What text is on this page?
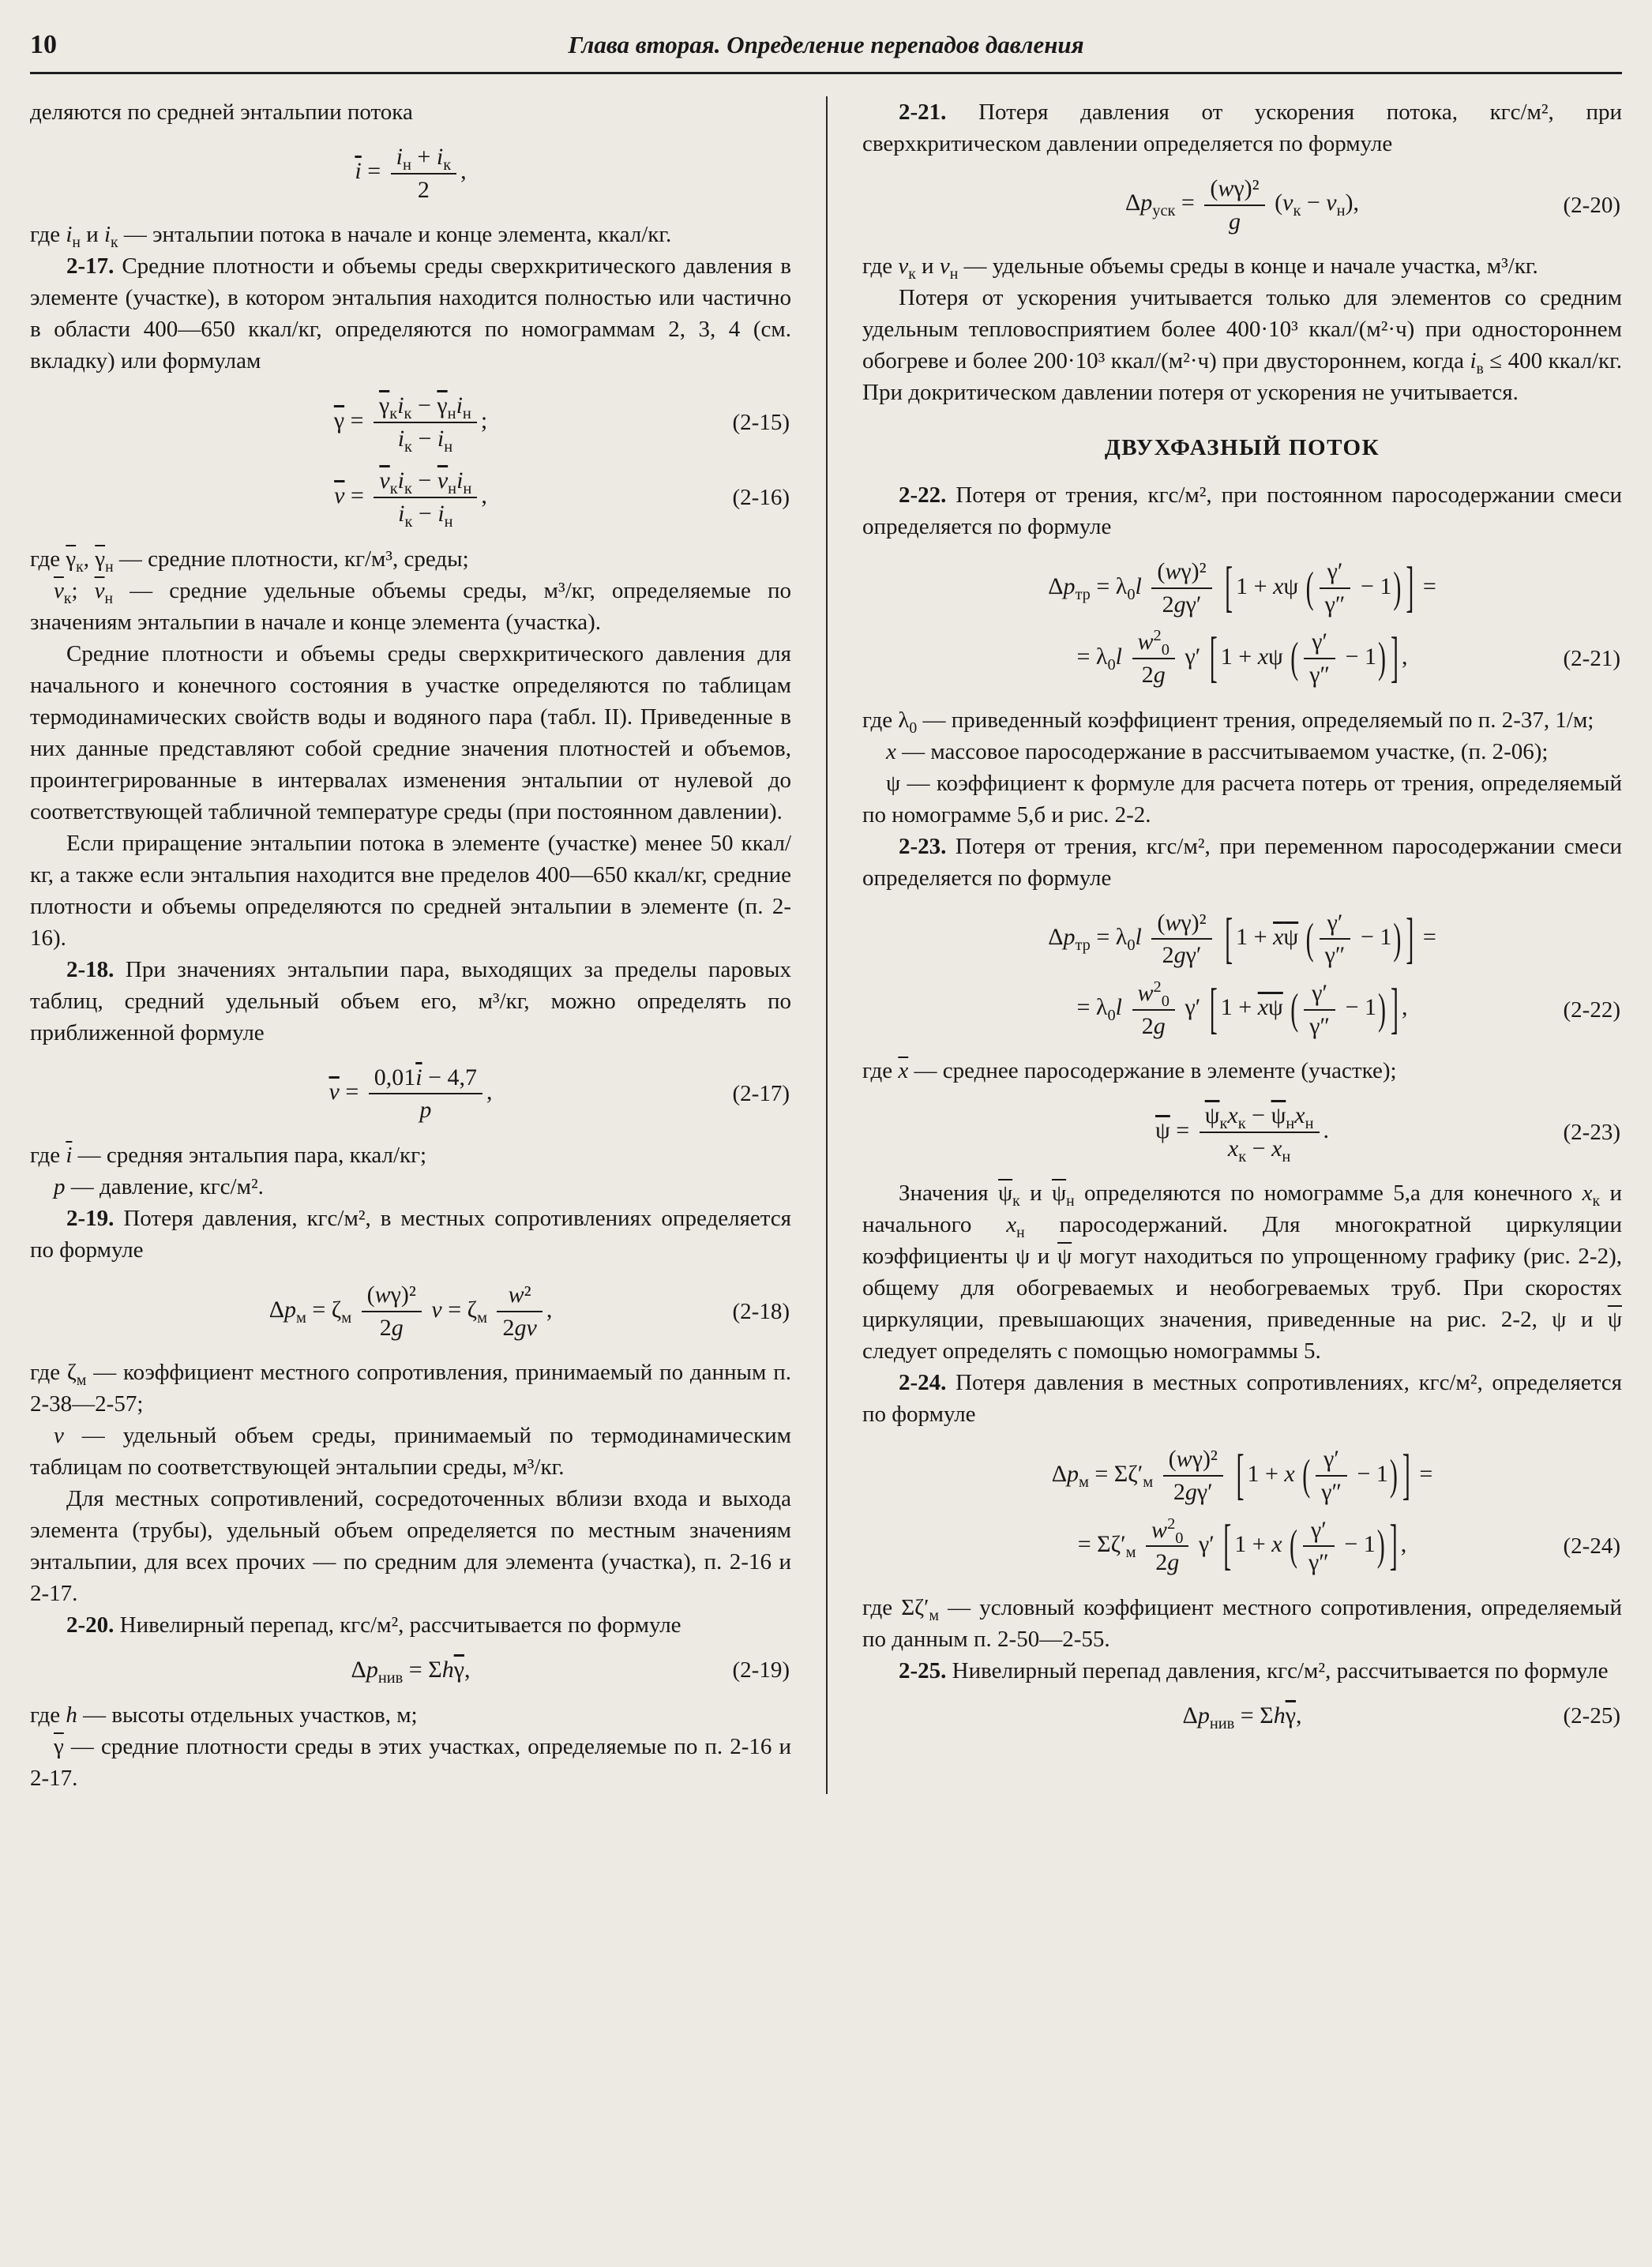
10	Глава вторая. Определение перепадов давления

деляются по средней энтальпии потока

$\overline{i} = \frac{i_н + i_к}{2}$ ,

где $i_н$ и $i_к$ — энтальпии потока в начале и конце элемента, ккал/кг.

2-17. Средние плотности и объемы среды сверхкритического давления в элементе (участке), в котором энтальпия находится полностью или частично в области 400—650 ккал/кг, определяются по номограммам 2, 3, 4 (см. вкладку) или формулам

$\overline{\gamma} = \frac{\overline{\gamma}_кi_к - \overline{\gamma}_нi_н}{i_к - i_н}$ ;	(2-15)
$\overline{v} = \frac{\overline{v}_кi_к - \overline{v}_нi_н}{i_к - i_н}$ ,	(2-16)

где $\overline{\gamma}_к$, $\overline{\gamma}_н$ — средние плотности, кг/м³, среды;

$\overline{v}_к$; $\overline{v}_н$ — средние удельные объемы среды, м³/кг, определяемые по значениям энтальпии в начале и конце элемента (участка).

Средние плотности и объемы среды сверхкритического давления для начального и конечного состояния в участке определяются по таблицам термодинамических свойств воды и водяного пара (табл. II). Приведенные в них данные представляют собой средние значения плотностей и объемов, проинтегрированные в интервалах изменения энтальпии от нулевой до соответствующей табличной температуре среды (при постоянном давлении).

Если приращение энтальпии потока в элементе (участке) менее 50 ккал/кг, а также если энтальпия находится вне пределов 400—650 ккал/кг, средние плотности и объемы определяются по средней энтальпии в элементе (п. 2-16).

2-18. При значениях энтальпии пара, выходящих за пределы паровых таблиц, средний удельный объем его, м³/кг, можно определять по приближенной формуле

$\overline{v} = \frac{0,01\overline{i} - 4,7}{p}$ ,	(2-17)

где $\overline{i}$ — средняя энтальпия пара, ккал/кг;

p — давление, кгс/м².

2-19. Потеря давления, кгс/м², в местных сопротивлениях определяется по формуле

$\Delta p_м = \zeta_м \frac{\text{(wγ)²}}{2g}$ $v = \zeta_м \frac{\text{w²}}{2gv}$ ,	(2-18)

где $\zeta_м$ — коэффициент местного сопротивления, принимаемый по данным п. 2-38—2-57;

v — удельный объем среды, принимаемый по термодинамическим таблицам по соответствующей энтальпии среды, м³/кг.

Для местных сопротивлений, сосредоточенных вблизи входа и выхода элемента (трубы), удельный объем определяется по местным значениям энтальпии, для всех прочих — по средним для элемента (участка), п. 2-16 и 2-17.

2-20. Нивелирный перепад, кгс/м², рассчитывается по формуле

$\Delta p_{нив} = \Sigma h\overline{\gamma}$,	(2-19)

где h — высоты отдельных участков, м;

$\overline{\gamma}$ — средние плотности среды в этих участках, определяемые по п. 2-16 и 2-17.

2-21. Потеря давления от ускорения потока, кгс/м², при сверхкритическом давлении определяется по формуле

$\Delta p_{уск} = \frac{\text{(wγ)²}}{g} (v_к - v_н)$,	(2-20)

где $v_к$ и $v_н$ — удельные объемы среды в конце и начале участка, м³/кг.

Потеря от ускорения учитывается только для элементов со средним удельным тепловосприятием более 400·10³ ккал/(м²·ч) при одностороннем обогреве и более 200·10³ ккал/(м²·ч) при двустороннем, когда $i_в \le 400$ ккал/кг. При докритическом давлении потеря от ускорения не учитывается.

ДВУХФАЗНЫЙ ПОТОК

2-22. Потеря от трения, кгс/м², при постоянном паросодержании смеси определяется по формуле

$\Delta p_{тр} = \lambda_0l \frac{\text{(wγ)²}}{2g\gamma'}$ [ 1 + xψ ( $\frac{\gamma'}{\gamma''} - 1$) ] =
= $\lambda_0l \frac{w^2_0}{2g} \gamma'$ [ 1 + xψ ( $\frac{\gamma'}{\gamma''} - 1$) ] ,	(2-21)

где $\lambda_0$ — приведенный коэффициент трения, определяемый по п. 2-37, 1/м;

x — массовое паросодержание в рассчитываемом участке, (п. 2-06);

ψ — коэффициент к формуле для расчета потерь от трения, определяемый по номограмме 5,б и рис. 2-2.

2-23. Потеря от трения, кгс/м², при переменном паросодержании смеси определяется по формуле

$\Delta p_{тр} = \lambda_0l \frac{\text{(wγ)²}}{2g\gamma'}$ [ $1 + \overline{x}\overline{\psi}$ ( $\frac{\gamma'}{\gamma''} - 1$) ] =
= $\lambda_0l \frac{w^2_0}{2g} \gamma'$ [ $1 + \overline{x}\overline{\psi}$ ( $\frac{\gamma'}{\gamma''} - 1$) ] ,	(2-22)

где $\overline{x}$ — среднее паросодержание в элементе (участке);

$\overline{\psi} = \frac{\overline{\psi}_кx_к - \overline{\psi}_нx_н}{x_к - x_н}$ .	(2-23)

Значения $\overline{\psi}_к$ и $\overline{\psi}_н$ определяются по номограмме 5,а для конечного $x_к$ и начального $x_н$ паросодержаний. Для многократной циркуляции коэффициенты ψ и $\overline{\psi}$ могут находиться по упрощенному графику (рис. 2-2), общему для обогреваемых и необогреваемых труб. При скоростях циркуляции, превышающих значения, приведенные на рис. 2-2, ψ и $\overline{\psi}$ следует определять с помощью номограммы 5.

2-24. Потеря давления в местных сопротивлениях, кгс/м², определяется по формуле

$\Delta p_м = \Sigma\zeta'_м \frac{\text{(wγ)²}}{2g\gamma'}$ [ 1 + x ( $\frac{\gamma'}{\gamma''} - 1$) ] =
= $\Sigma\zeta'_м \frac{w^2_0}{2g} \gamma'$ [ 1 + x ( $\frac{\gamma'}{\gamma''} - 1$) ] ,	(2-24)

где $\Sigma\zeta'_м$ — условный коэффициент местного сопротивления, определяемый по данным п. 2-50—2-55.

2-25. Нивелирный перепад давления, кгс/м², рассчитывается по формуле

$\Delta p_{нив} = \Sigma h\overline{\gamma}$,	(2-25)
